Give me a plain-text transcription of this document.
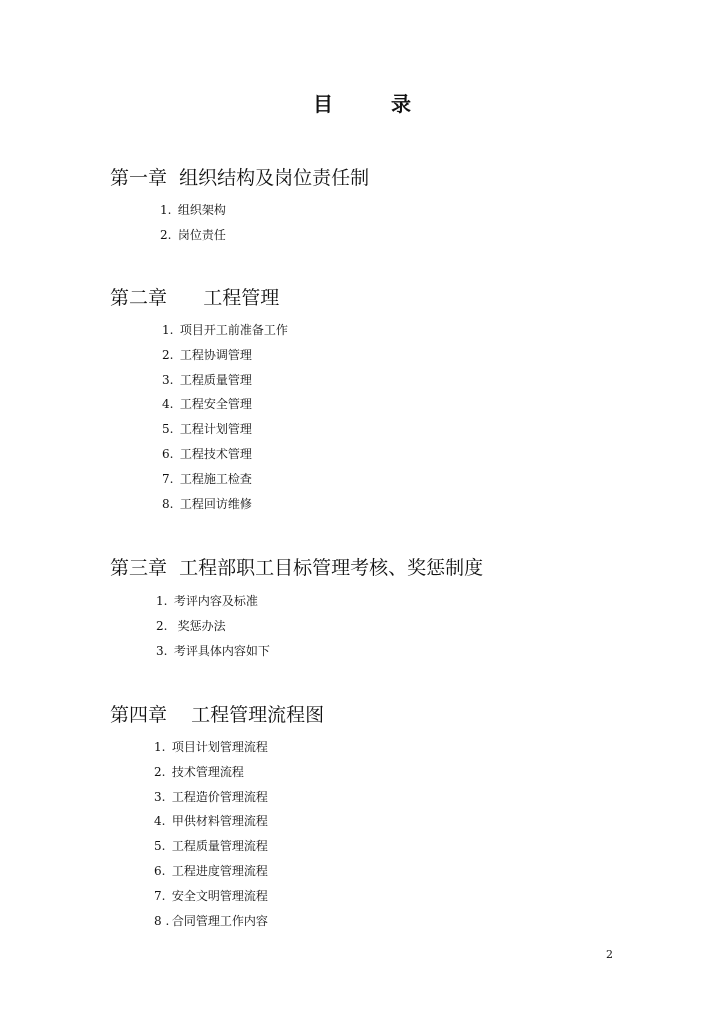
目	录
第一章  组织结构及岗位责任制
1. 组织架构
2. 岗位责任
第二章      工程管理
1. 项目开工前准备工作
2. 工程协调管理
3. 工程质量管理
4. 工程安全管理
5. 工程计划管理
6. 工程技术管理
7. 工程施工检查
8. 工程回访维修
第三章  工程部职工目标管理考核、奖惩制度
1. 考评内容及标准
2.  奖惩办法
3. 考评具体内容如下
第四章    工程管理流程图
1. 项目计划管理流程
2. 技术管理流程
3. 工程造价管理流程
4. 甲供材料管理流程
5. 工程质量管理流程
6. 工程进度管理流程
7. 安全文明管理流程
8 . 合同管理工作内容
2
